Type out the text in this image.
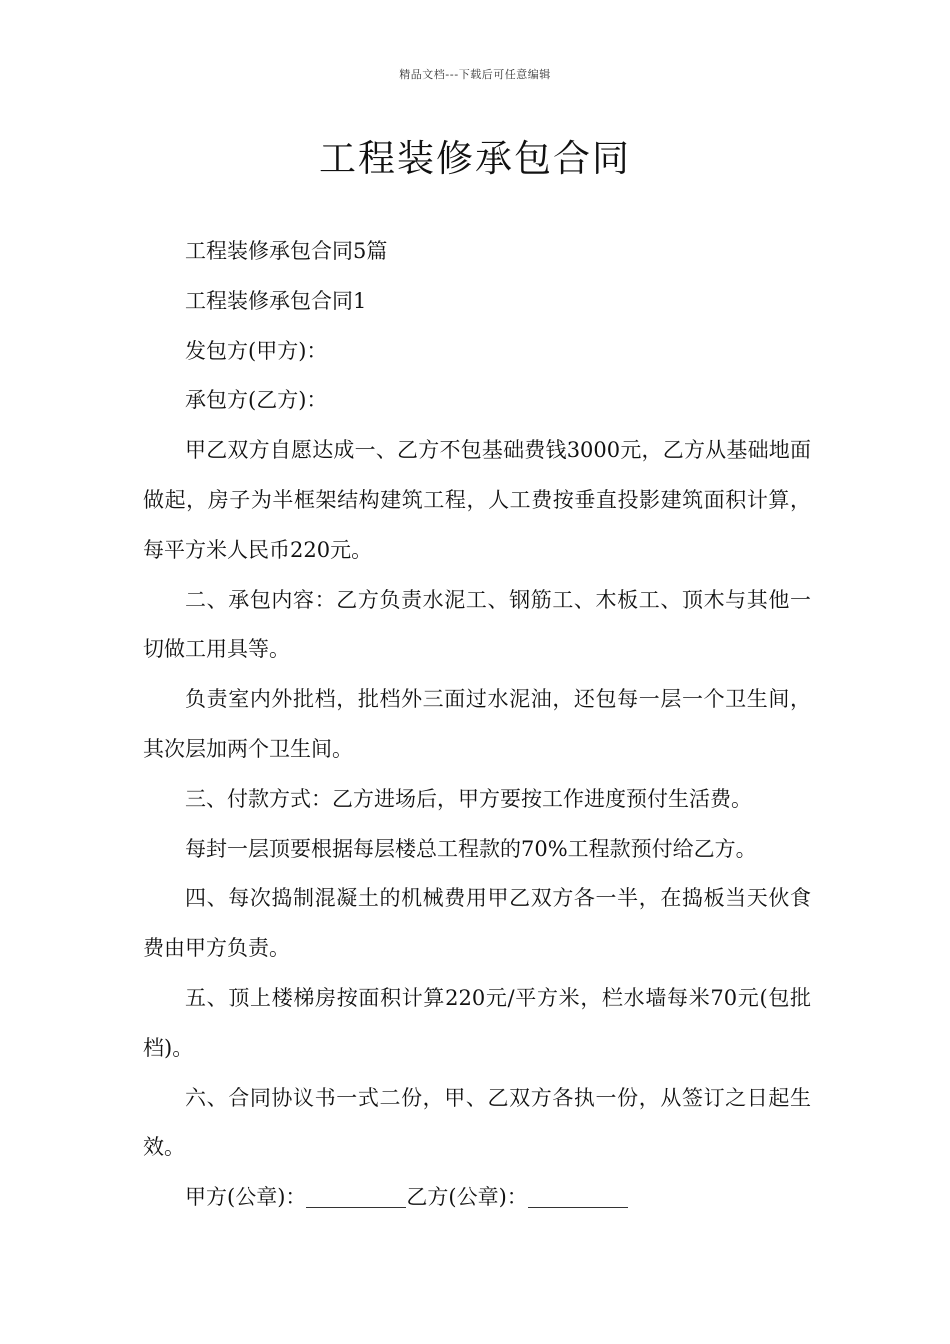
精品文档---下载后可任意编辑
工程装修承包合同

工程装修承包合同5篇

工程装修承包合同1

发包方(甲方)：

承包方(乙方)：

甲乙双方自愿达成一、乙方不包基础费钱3000元，乙方从基础地面做起，房子为半框架结构建筑工程，人工费按垂直投影建筑面积计算，每平方米人民币220元。

二、承包内容：乙方负责水泥工、钢筋工、木板工、顶木与其他一切做工用具等。

负责室内外批档，批档外三面过水泥油，还包每一层一个卫生间，其次层加两个卫生间。

三、付款方式：乙方进场后，甲方要按工作进度预付生活费。

每封一层顶要根据每层楼总工程款的70%工程款预付给乙方。

四、每次捣制混凝土的机械费用甲乙双方各一半，在捣板当天伙食费由甲方负责。

五、顶上楼梯房按面积计算220元/平方米，栏水墙每米70元(包批档)。

六、合同协议书一式二份，甲、乙双方各执一份，从签订之日起生效。

甲方(公章)：	乙方(公章)：
